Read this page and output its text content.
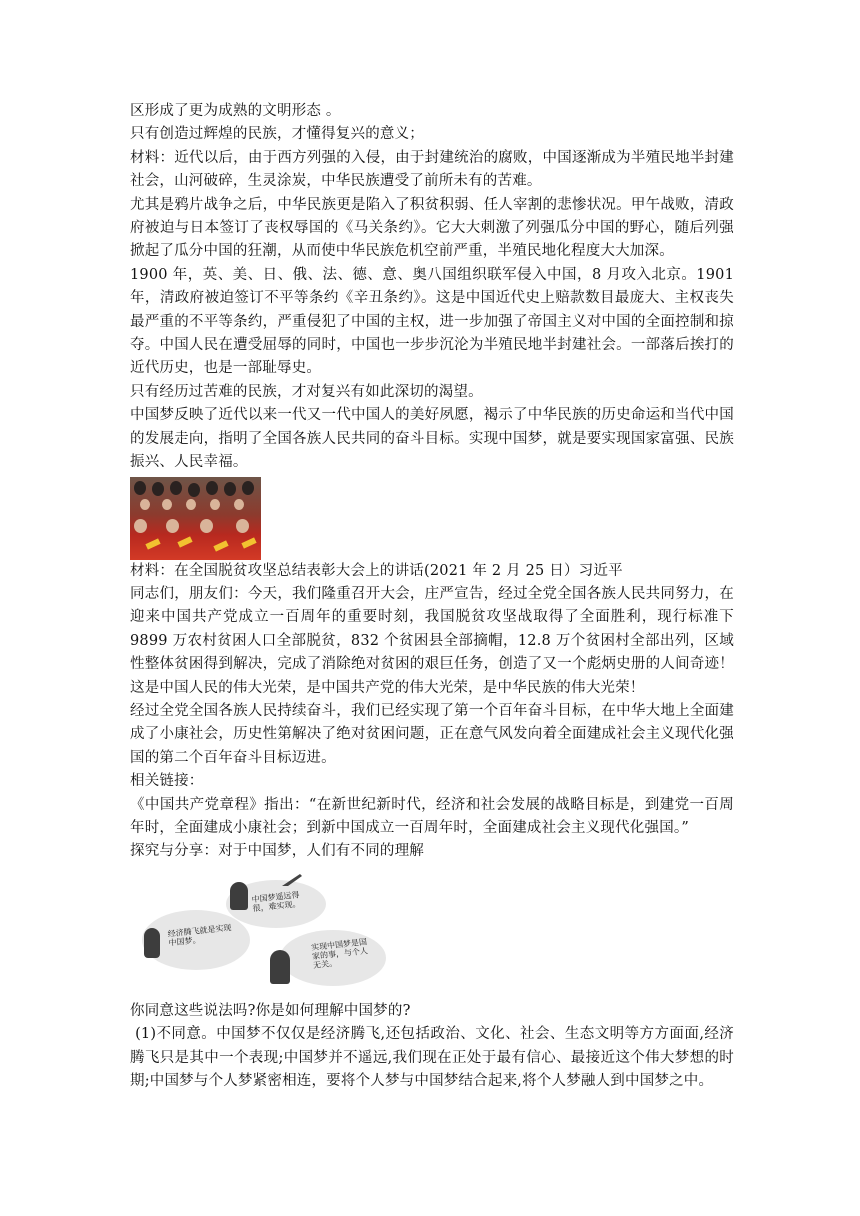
区形成了更为成熟的文明形态 。

只有创造过辉煌的民族，才懂得复兴的意义；

材料：近代以后，由于西方列强的入侵，由于封建统治的腐败，中国逐渐成为半殖民地半封建社会，山河破碎，生灵涂炭，中华民族遭受了前所未有的苦难。

尤其是鸦片战争之后，中华民族更是陷入了积贫积弱、任人宰割的悲惨状况。甲午战败，清政府被迫与日本签订了丧权辱国的《马关条约》。它大大刺激了列强瓜分中国的野心，随后列强掀起了瓜分中国的狂潮，从而使中华民族危机空前严重，半殖民地化程度大大加深。

1900 年，英、美、日、俄、法、德、意、奥八国组织联军侵入中国，8 月攻入北京。1901 年，清政府被迫签订不平等条约《辛丑条约》。这是中国近代史上赔款数目最庞大、主权丧失最严重的不平等条约，严重侵犯了中国的主权，进一步加强了帝国主义对中国的全面控制和掠夺。中国人民在遭受屈辱的同时，中国也一步步沉沦为半殖民地半封建社会。一部落后挨打的近代历史，也是一部耻辱史。

只有经历过苦难的民族，才对复兴有如此深切的渴望。

中国梦反映了近代以来一代又一代中国人的美好夙愿，褐示了中华民族的历史命运和当代中国的发展走向，指明了全国各族人民共同的奋斗目标。实现中国梦，就是要实现国家富强、民族振兴、人民幸福。

材料：在全国脱贫攻坚总结表彰大会上的讲话(2021 年 2 月 25 日）习近平

同志们，朋友们：今天，我们隆重召开大会，庄严宣告，经过全党全国各族人民共同努力，在迎来中国共产党成立一百周年的重要时刻，我国脱贫攻坚战取得了全面胜利，现行标准下 9899 万农村贫困人口全部脱贫，832 个贫困县全部摘帽，12.8 万个贫困村全部出列，区域性整体贫困得到解决，完成了消除绝对贫困的艰巨任务，创造了又一个彪炳史册的人间奇迹！这是中国人民的伟大光荣，是中国共产党的伟大光荣，是中华民族的伟大光荣！

经过全党全国各族人民持续奋斗，我们已经实现了第一个百年奋斗目标，在中华大地上全面建成了小康社会，历史性第解决了绝对贫困问题，正在意气风发向着全面建成社会主义现代化强国的第二个百年奋斗目标迈进。

相关链接：

《中国共产党章程》指出：“在新世纪新时代，经济和社会发展的战略目标是，到建党一百周年时，全面建成小康社会；到新中国成立一百周年时，全面建成社会主义现代化强国。”

探究与分享：对于中国梦，人们有不同的理解

经济腾飞就是实现中国梦。
中国梦遥远得很，难实现。
实现中国梦是国家的事，与个人无关。

你同意这些说法吗?你是如何理解中国梦的?

(1)不同意。中国梦不仅仅是经济腾飞,还包括政治、文化、社会、生态文明等方方面面,经济腾飞只是其中一个表现;中国梦并不遥远,我们现在正处于最有信心、最接近这个伟大梦想的时期;中国梦与个人梦紧密相连，要将个人梦与中国梦结合起来,将个人梦融人到中国梦之中。
